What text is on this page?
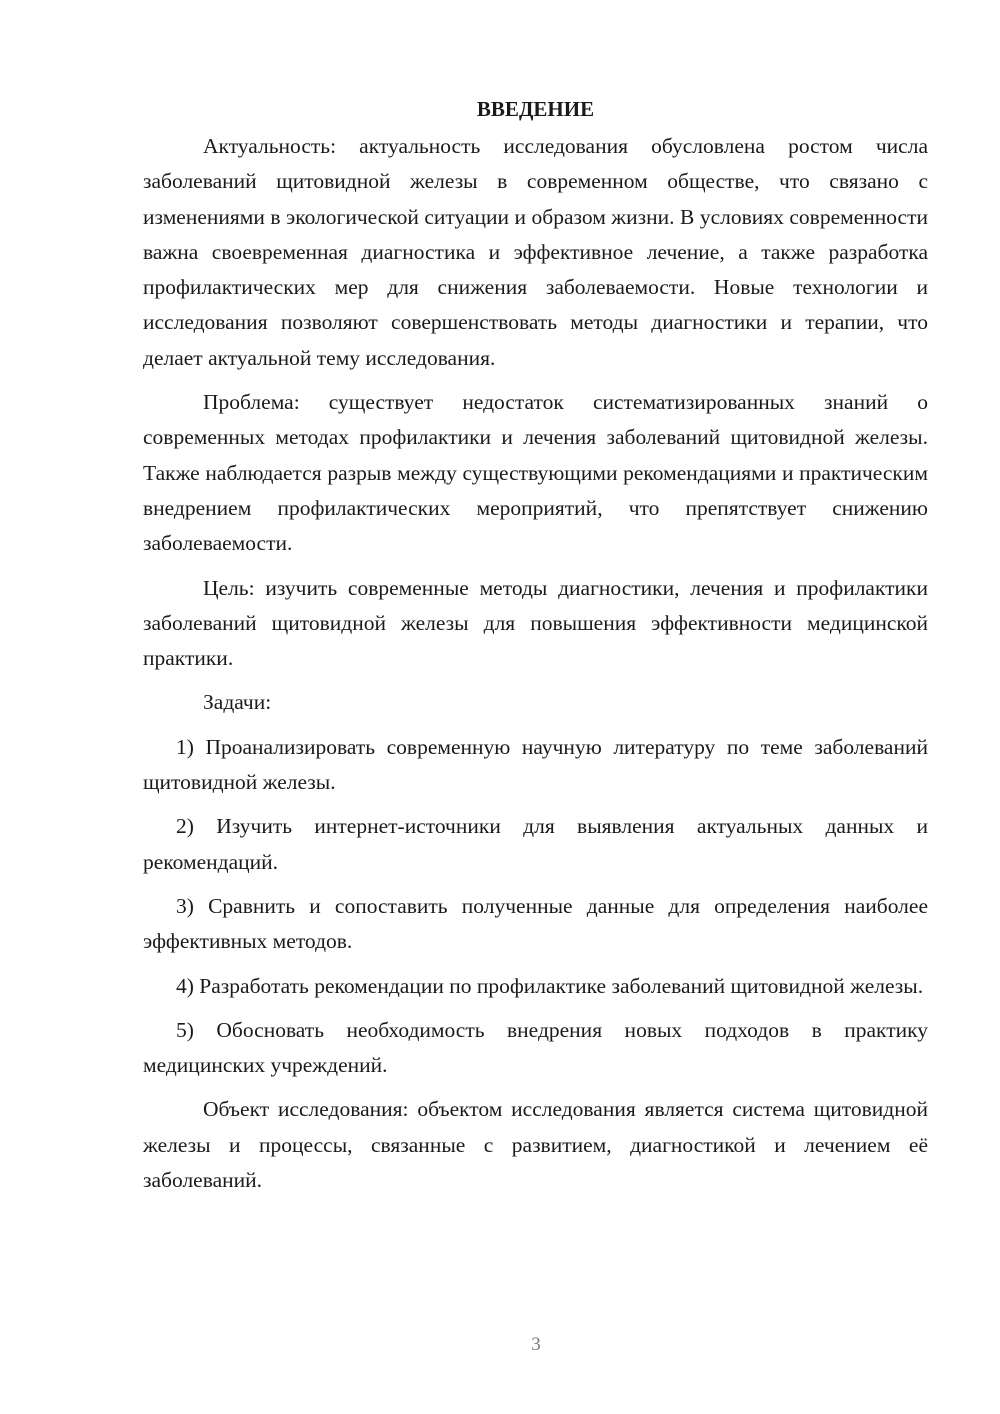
ВВЕДЕНИЕ

Актуальность: актуальность исследования обусловлена ростом числа заболеваний щитовидной железы в современном обществе, что связано с изменениями в экологической ситуации и образом жизни. В условиях современности важна своевременная диагностика и эффективное лечение, а также разработка профилактических мер для снижения заболеваемости. Новые технологии и исследования позволяют совершенствовать методы диагностики и терапии, что делает актуальной тему исследования.

Проблема: существует недостаток систематизированных знаний о современных методах профилактики и лечения заболеваний щитовидной железы. Также наблюдается разрыв между существующими рекомендациями и практическим внедрением профилактических мероприятий, что препятствует снижению заболеваемости.

Цель: изучить современные методы диагностики, лечения и профилактики заболеваний щитовидной железы для повышения эффективности медицинской практики.

Задачи:

1) Проанализировать современную научную литературу по теме заболеваний щитовидной железы.

2) Изучить интернет-источники для выявления актуальных данных и рекомендаций.

3) Сравнить и сопоставить полученные данные для определения наиболее эффективных методов.

4) Разработать рекомендации по профилактике заболеваний щитовидной железы.

5) Обосновать необходимость внедрения новых подходов в практику медицинских учреждений.

Объект исследования: объектом исследования является система щитовидной железы и процессы, связанные с развитием, диагностикой и лечением её заболеваний.

3
